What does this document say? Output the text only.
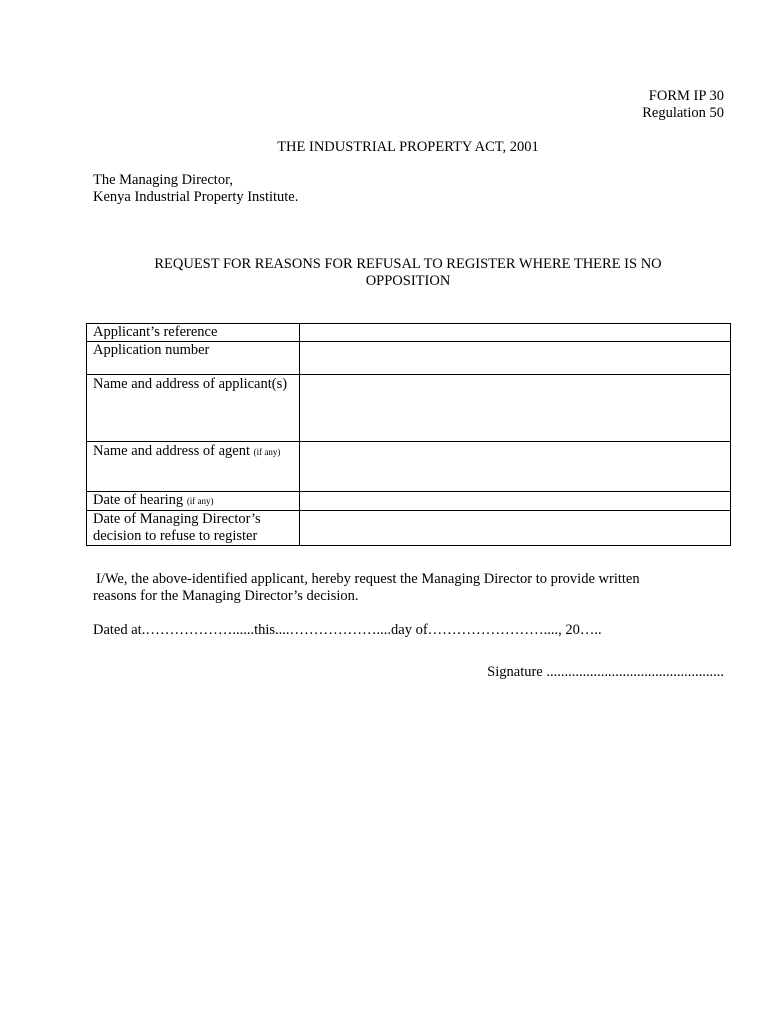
FORM IP 30
Regulation 50
THE INDUSTRIAL PROPERTY ACT, 2001
The Managing Director,
Kenya Industrial Property Institute.
REQUEST FOR REASONS FOR REFUSAL TO REGISTER WHERE THERE IS NO
OPPOSITION
Applicant’s reference	
Application number	
Name and address of applicant(s)	
Name and address of agent (if any)	
Date of hearing (if any)	
Date of Managing Director’s decision to refuse to register	
I/We, the above-identified applicant, hereby request the Managing Director to provide written
reasons for the Managing Director’s decision.
Dated at.………………......this....………………....day of……………………...., 20…..
Signature .................................................
